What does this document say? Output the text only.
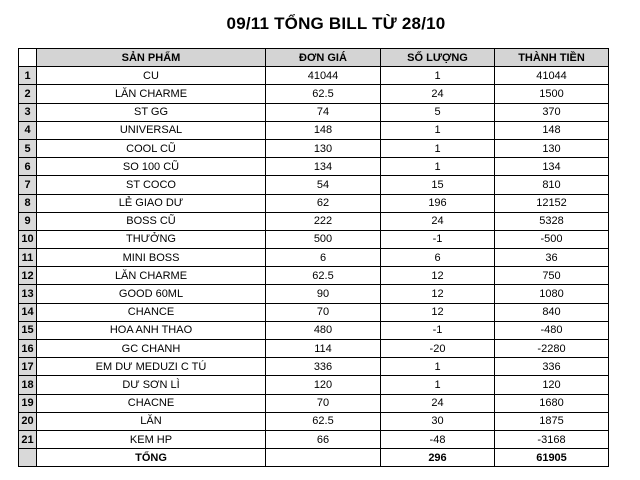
09/11 TỔNG BILL TỪ 28/10
	SẢN PHẨM	ĐƠN GIÁ	SỐ LƯỢNG	THÀNH TIỀN
1	CU	41044	1	41044
2	LĂN CHARME	62.5	24	1500
3	ST GG	74	5	370
4	UNIVERSAL	148	1	148
5	COOL CŨ	130	1	130
6	SO 100 CŨ	134	1	134
7	ST COCO	54	15	810
8	LẺ GIAO DƯ	62	196	12152
9	BOSS CŨ	222	24	5328
10	THƯỞNG	500	-1	-500
11	MINI BOSS	6	6	36
12	LĂN CHARME	62.5	12	750
13	GOOD 60ML	90	12	1080
14	CHANCE	70	12	840
15	HOA ANH THAO	480	-1	-480
16	GC CHANH	114	-20	-2280
17	EM DƯ MEDUZI C TÚ	336	1	336
18	DƯ SƠN LÌ	120	1	120
19	CHACNE	70	24	1680
20	LĂN	62.5	30	1875
21	KEM HP	66	-48	-3168
	TỔNG		296	61905
